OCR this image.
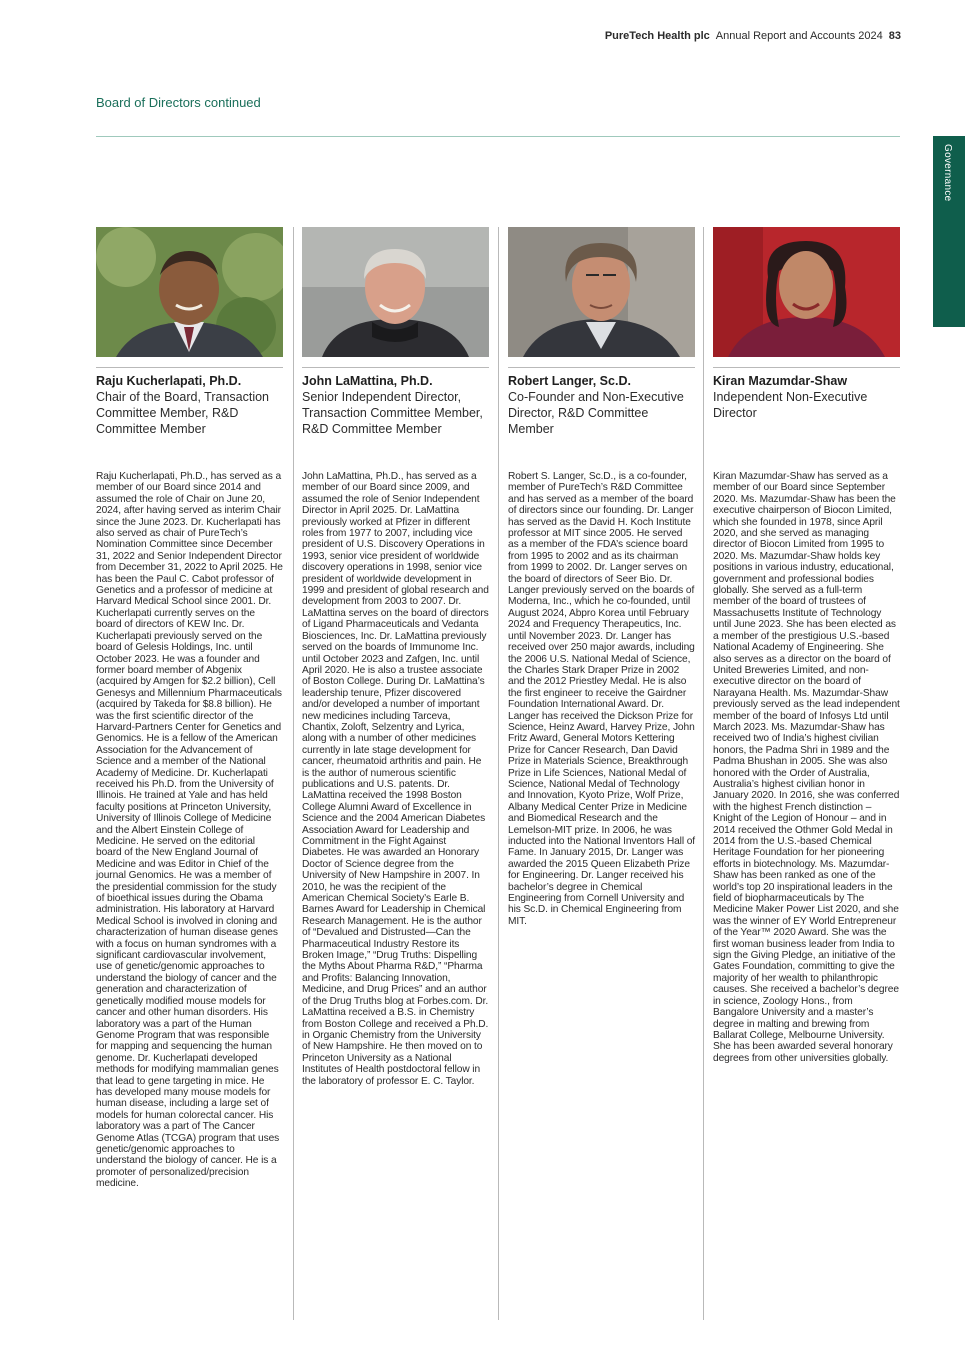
PureTech Health plc Annual Report and Accounts 2024 83
Board of Directors continued
Governance
Raju Kucherlapati, Ph.D.
Chair of the Board, Transaction Committee Member, R&D Committee Member
Raju Kucherlapati, Ph.D., has served as a member of our Board since 2014 and assumed the role of Chair on June 20, 2024, after having served as interim Chair since the June 2023. Dr. Kucherlapati has also served as chair of PureTech’s Nomination Committee since December 31, 2022 and Senior Independent Director from December 31, 2022 to April 2025. He has been the Paul C. Cabot professor of Genetics and a professor of medicine at Harvard Medical School since 2001. Dr. Kucherlapati currently serves on the board of directors of KEW Inc. Dr. Kucherlapati previously served on the board of Gelesis Holdings, Inc. until October 2023. He was a founder and former board member of Abgenix (acquired by Amgen for $2.2 billion), Cell Genesys and Millennium Pharmaceuticals (acquired by Takeda for $8.8 billion). He was the first scientific director of the Harvard-Partners Center for Genetics and Genomics. He is a fellow of the American Association for the Advancement of Science and a member of the National Academy of Medicine. Dr. Kucherlapati received his Ph.D. from the University of Illinois. He trained at Yale and has held faculty positions at Princeton University, University of Illinois College of Medicine and the Albert Einstein College of Medicine. He served on the editorial board of the New England Journal of Medicine and was Editor in Chief of the journal Genomics. He was a member of the presidential commission for the study of bioethical issues during the Obama administration. His laboratory at Harvard Medical School is involved in cloning and characterization of human disease genes with a focus on human syndromes with a significant cardiovascular involvement, use of genetic/genomic approaches to understand the biology of cancer and the generation and characterization of genetically modified mouse models for cancer and other human disorders. His laboratory was a part of the Human Genome Program that was responsible for mapping and sequencing the human genome. Dr. Kucherlapati developed methods for modifying mammalian genes that lead to gene targeting in mice. He has developed many mouse models for human disease, including a large set of models for human colorectal cancer. His laboratory was a part of The Cancer Genome Atlas (TCGA) program that uses genetic/genomic approaches to understand the biology of cancer. He is a promoter of personalized/precision medicine.
John LaMattina, Ph.D.
Senior Independent Director, Transaction Committee Member, R&D Committee Member
John LaMattina, Ph.D., has served as a member of our Board since 2009, and assumed the role of Senior Independent Director in April 2025. Dr. LaMattina previously worked at Pfizer in different roles from 1977 to 2007, including vice president of U.S. Discovery Operations in 1993, senior vice president of worldwide discovery operations in 1998, senior vice president of worldwide development in 1999 and president of global research and development from 2003 to 2007. Dr. LaMattina serves on the board of directors of Ligand Pharmaceuticals and Vedanta Biosciences, Inc. Dr. LaMattina previously served on the boards of Immunome Inc. until October 2023 and Zafgen, Inc. until April 2020. He is also a trustee associate of Boston College. During Dr. LaMattina’s leadership tenure, Pfizer discovered and/or developed a number of important new medicines including Tarceva, Chantix, Zoloft, Selzentry and Lyrica, along with a number of other medicines currently in late stage development for cancer, rheumatoid arthritis and pain. He is the author of numerous scientific publications and U.S. patents. Dr. LaMattina received the 1998 Boston College Alumni Award of Excellence in Science and the 2004 American Diabetes Association Award for Leadership and Commitment in the Fight Against Diabetes. He was awarded an Honorary Doctor of Science degree from the University of New Hampshire in 2007. In 2010, he was the recipient of the American Chemical Society’s Earle B. Barnes Award for Leadership in Chemical Research Management. He is the author of “Devalued and Distrusted—Can the Pharmaceutical Industry Restore its Broken Image,” “Drug Truths: Dispelling the Myths About Pharma R&D,” “Pharma and Profits: Balancing Innovation, Medicine, and Drug Prices” and an author of the Drug Truths blog at Forbes.com. Dr. LaMattina received a B.S. in Chemistry from Boston College and received a Ph.D. in Organic Chemistry from the University of New Hampshire. He then moved on to Princeton University as a National Institutes of Health postdoctoral fellow in the laboratory of professor E. C. Taylor.
Robert Langer, Sc.D.
Co-Founder and Non-Executive Director, R&D Committee Member
Robert S. Langer, Sc.D., is a co-founder, member of PureTech’s R&D Committee and has served as a member of the board of directors since our founding. Dr. Langer has served as the David H. Koch Institute professor at MIT since 2005. He served as a member of the FDA’s science board from 1995 to 2002 and as its chairman from 1999 to 2002. Dr. Langer serves on the board of directors of Seer Bio. Dr. Langer previously served on the boards of Moderna, Inc., which he co-founded, until August 2024, Abpro Korea until February 2024 and Frequency Therapeutics, Inc. until November 2023. Dr. Langer has received over 250 major awards, including the 2006 U.S. National Medal of Science, the Charles Stark Draper Prize in 2002 and the 2012 Priestley Medal. He is also the first engineer to receive the Gairdner Foundation International Award. Dr. Langer has received the Dickson Prize for Science, Heinz Award, Harvey Prize, John Fritz Award, General Motors Kettering Prize for Cancer Research, Dan David Prize in Materials Science, Breakthrough Prize in Life Sciences, National Medal of Science, National Medal of Technology and Innovation, Kyoto Prize, Wolf Prize, Albany Medical Center Prize in Medicine and Biomedical Research and the Lemelson-MIT prize. In 2006, he was inducted into the National Inventors Hall of Fame. In January 2015, Dr. Langer was awarded the 2015 Queen Elizabeth Prize for Engineering. Dr. Langer received his bachelor’s degree in Chemical Engineering from Cornell University and his Sc.D. in Chemical Engineering from MIT.
Kiran Mazumdar-Shaw
Independent Non-Executive Director
Kiran Mazumdar-Shaw has served as a member of our Board since September 2020. Ms. Mazumdar-Shaw has been the executive chairperson of Biocon Limited, which she founded in 1978, since April 2020, and she served as managing director of Biocon Limited from 1995 to 2020. Ms. Mazumdar-Shaw holds key positions in various industry, educational, government and professional bodies globally. She served as a full-term member of the board of trustees of Massachusetts Institute of Technology until June 2023. She has been elected as a member of the prestigious U.S.-based National Academy of Engineering. She also serves as a director on the board of United Breweries Limited, and non-executive director on the board of Narayana Health. Ms. Mazumdar-Shaw previously served as the lead independent member of the board of Infosys Ltd until March 2023. Ms. Mazumdar-Shaw has received two of India’s highest civilian honors, the Padma Shri in 1989 and the Padma Bhushan in 2005. She was also honored with the Order of Australia, Australia’s highest civilian honor in January 2020. In 2016, she was conferred with the highest French distinction – Knight of the Legion of Honour – and in 2014 received the Othmer Gold Medal in 2014 from the U.S.-based Chemical Heritage Foundation for her pioneering efforts in biotechnology. Ms. Mazumdar-Shaw has been ranked as one of the world’s top 20 inspirational leaders in the field of biopharmaceuticals by The Medicine Maker Power List 2020, and she was the winner of EY World Entrepreneur of the Year™ 2020 Award. She was the first woman business leader from India to sign the Giving Pledge, an initiative of the Gates Foundation, committing to give the majority of her wealth to philanthropic causes. She received a bachelor’s degree in science, Zoology Hons., from Bangalore University and a master’s degree in malting and brewing from Ballarat College, Melbourne University. She has been awarded several honorary degrees from other universities globally.
